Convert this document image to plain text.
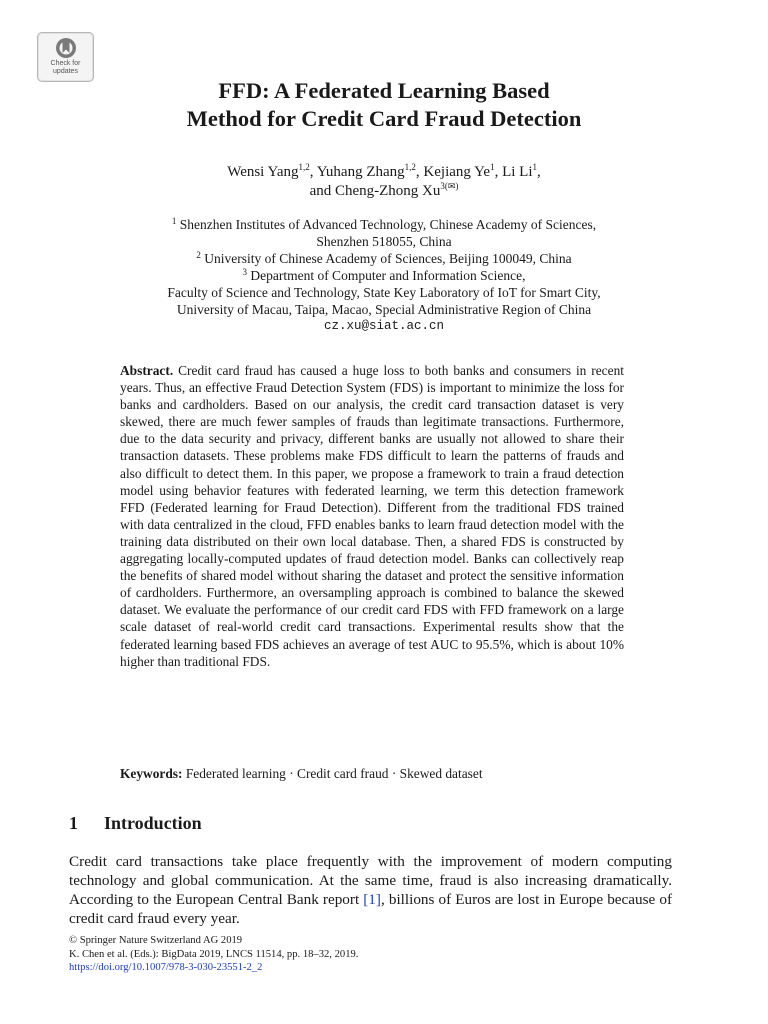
Check for
updates
FFD: A Federated Learning Based
Method for Credit Card Fraud Detection
Wensi Yang$^{1,2}$, Yuhang Zhang$^{1,2}$, Kejiang Ye$^1$, Li Li$^1$,
and Cheng-Zhong $Xu^{3(✉)}$
$^1$ Shenzhen Institutes of Advanced Technology, Chinese Academy of Sciences,
Shenzhen 518055, China
$^2$ University of Chinese Academy of Sciences, Beijing 100049, China
$^3$ Department of Computer and Information Science,
Faculty of Science and Technology, State Key Laboratory of IoT for Smart City,
University of Macau, Taipa, Macao, Special Administrative Region of China
cz.xu@siat.ac.cn
Abstract. Credit card fraud has caused a huge loss to both banks and consumers in recent years. Thus, an effective Fraud Detection System (FDS) is important to minimize the loss for banks and cardholders. Based on our analysis, the credit card transaction dataset is very skewed, there are much fewer samples of frauds than legitimate transactions. Furthermore, due to the data security and privacy, different banks are usually not allowed to share their transaction datasets. These problems make FDS difficult to learn the patterns of frauds and also difficult to detect them. In this paper, we propose a framework to train a fraud detection model using behavior features with federated learning, we term this detection framework FFD (Federated learning for Fraud Detection). Different from the traditional FDS trained with data centralized in the cloud, FFD enables banks to learn fraud detection model with the training data distributed on their own local database. Then, a shared FDS is constructed by aggregating locally-computed updates of fraud detection model. Banks can collectively reap the benefits of shared model without sharing the dataset and protect the sensitive information of cardholders. Furthermore, an oversampling approach is combined to balance the skewed dataset. We evaluate the performance of our credit card FDS with FFD framework on a large scale dataset of real-world credit card transactions. Experimental results show that the federated learning based FDS achieves an average of test AUC to 95.5%, which is about 10% higher than traditional FDS.
Keywords: Federated learning · Credit card fraud · Skewed dataset
1 Introduction
Credit card transactions take place frequently with the improvement of modern computing technology and global communication. At the same time, fraud is also increasing dramatically. According to the European Central Bank report [1], billions of Euros are lost in Europe because of credit card fraud every year.
© Springer Nature Switzerland AG 2019
K. Chen et al. (Eds.): BigData 2019, LNCS 11514, pp. 18–32, 2019.
https://doi.org/10.1007/978-3-030-23551-2_2
